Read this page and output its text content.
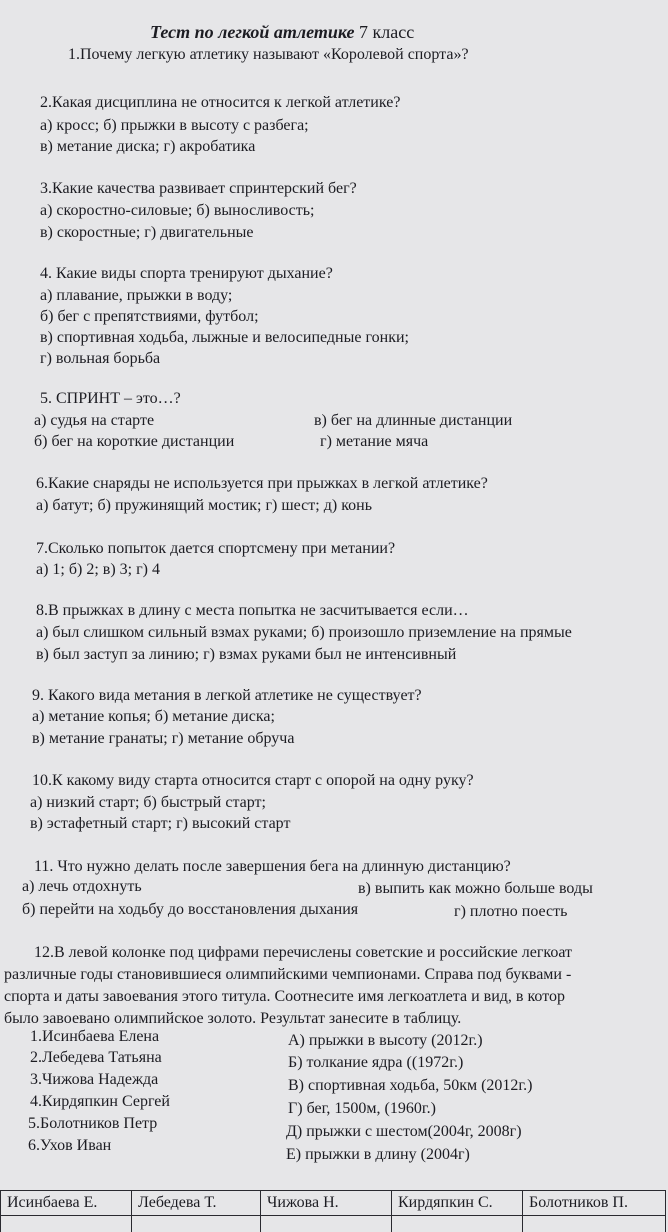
Тест по легкой атлетике 7 класс
1.Почему легкую атлетику называют «Королевой спорта»?
2.Какая дисциплина не относится к легкой атлетике?
а) кросс; б) прыжки в высоту с разбега;
в) метание диска; г) акробатика
3.Какие качества развивает спринтерский бег?
а) скоростно-силовые; б) выносливость;
в) скоростные; г) двигательные
4. Какие виды спорта тренируют дыхание?
а) плавание, прыжки в воду;
б) бег с препятствиями, футбол;
в) спортивная ходьба, лыжные и велосипедные гонки;
г) вольная борьба
5. СПРИНТ – это…?
а) судья на старте	в) бег на длинные дистанции
б) бег на короткие дистанции	г) метание мяча
6.Какие снаряды не используется при прыжках в легкой атлетике?
а) батут; б) пружинящий мостик; г) шест; д) конь
7.Сколько попыток дается спортсмену при метании?
а) 1; б) 2; в) 3; г) 4
8.В прыжках в длину с места попытка не засчитывается если…
а) был слишком сильный взмах руками; б) произошло приземление на прямые
в) был заступ за линию; г) взмах руками был не интенсивный
9. Какого вида метания в легкой атлетике не существует?
а) метание копья; б) метание диска;
в) метание гранаты; г) метание обруча
10.К какому виду старта относится старт с опорой на одну руку?
а) низкий старт; б) быстрый старт;
в) эстафетный старт; г) высокий старт
11. Что нужно делать после завершения бега на длинную дистанцию?
а) лечь отдохнуть	в) выпить как можно больше воды
б) перейти на ходьбу до восстановления дыхания	г) плотно поесть
12.В левой колонке под цифрами перечислены советские и российские легкоат
различные годы становившиеся олимпийскими чемпионами. Справа под буквами -
спорта и даты завоевания этого титула. Соотнесите имя легкоатлета и вид, в котор
было завоевано олимпийское золото. Результат занесите в таблицу.
1.Исинбаева Елена
2.Лебедева Татьяна
3.Чижова Надежда
4.Кирдяпкин Сергей
5.Болотников Петр
6.Ухов Иван
А) прыжки в высоту (2012г.)
Б) толкание ядра ((1972г.)
В) спортивная ходьба, 50км (2012г.)
Г) бег, 1500м, (1960г.)
Д) прыжки с шестом(2004г, 2008г)
Е) прыжки в длину (2004г)
Исинбаева Е.	Лебедева Т.	Чижова Н.	Кирдяпкин С.	Болотников П.
